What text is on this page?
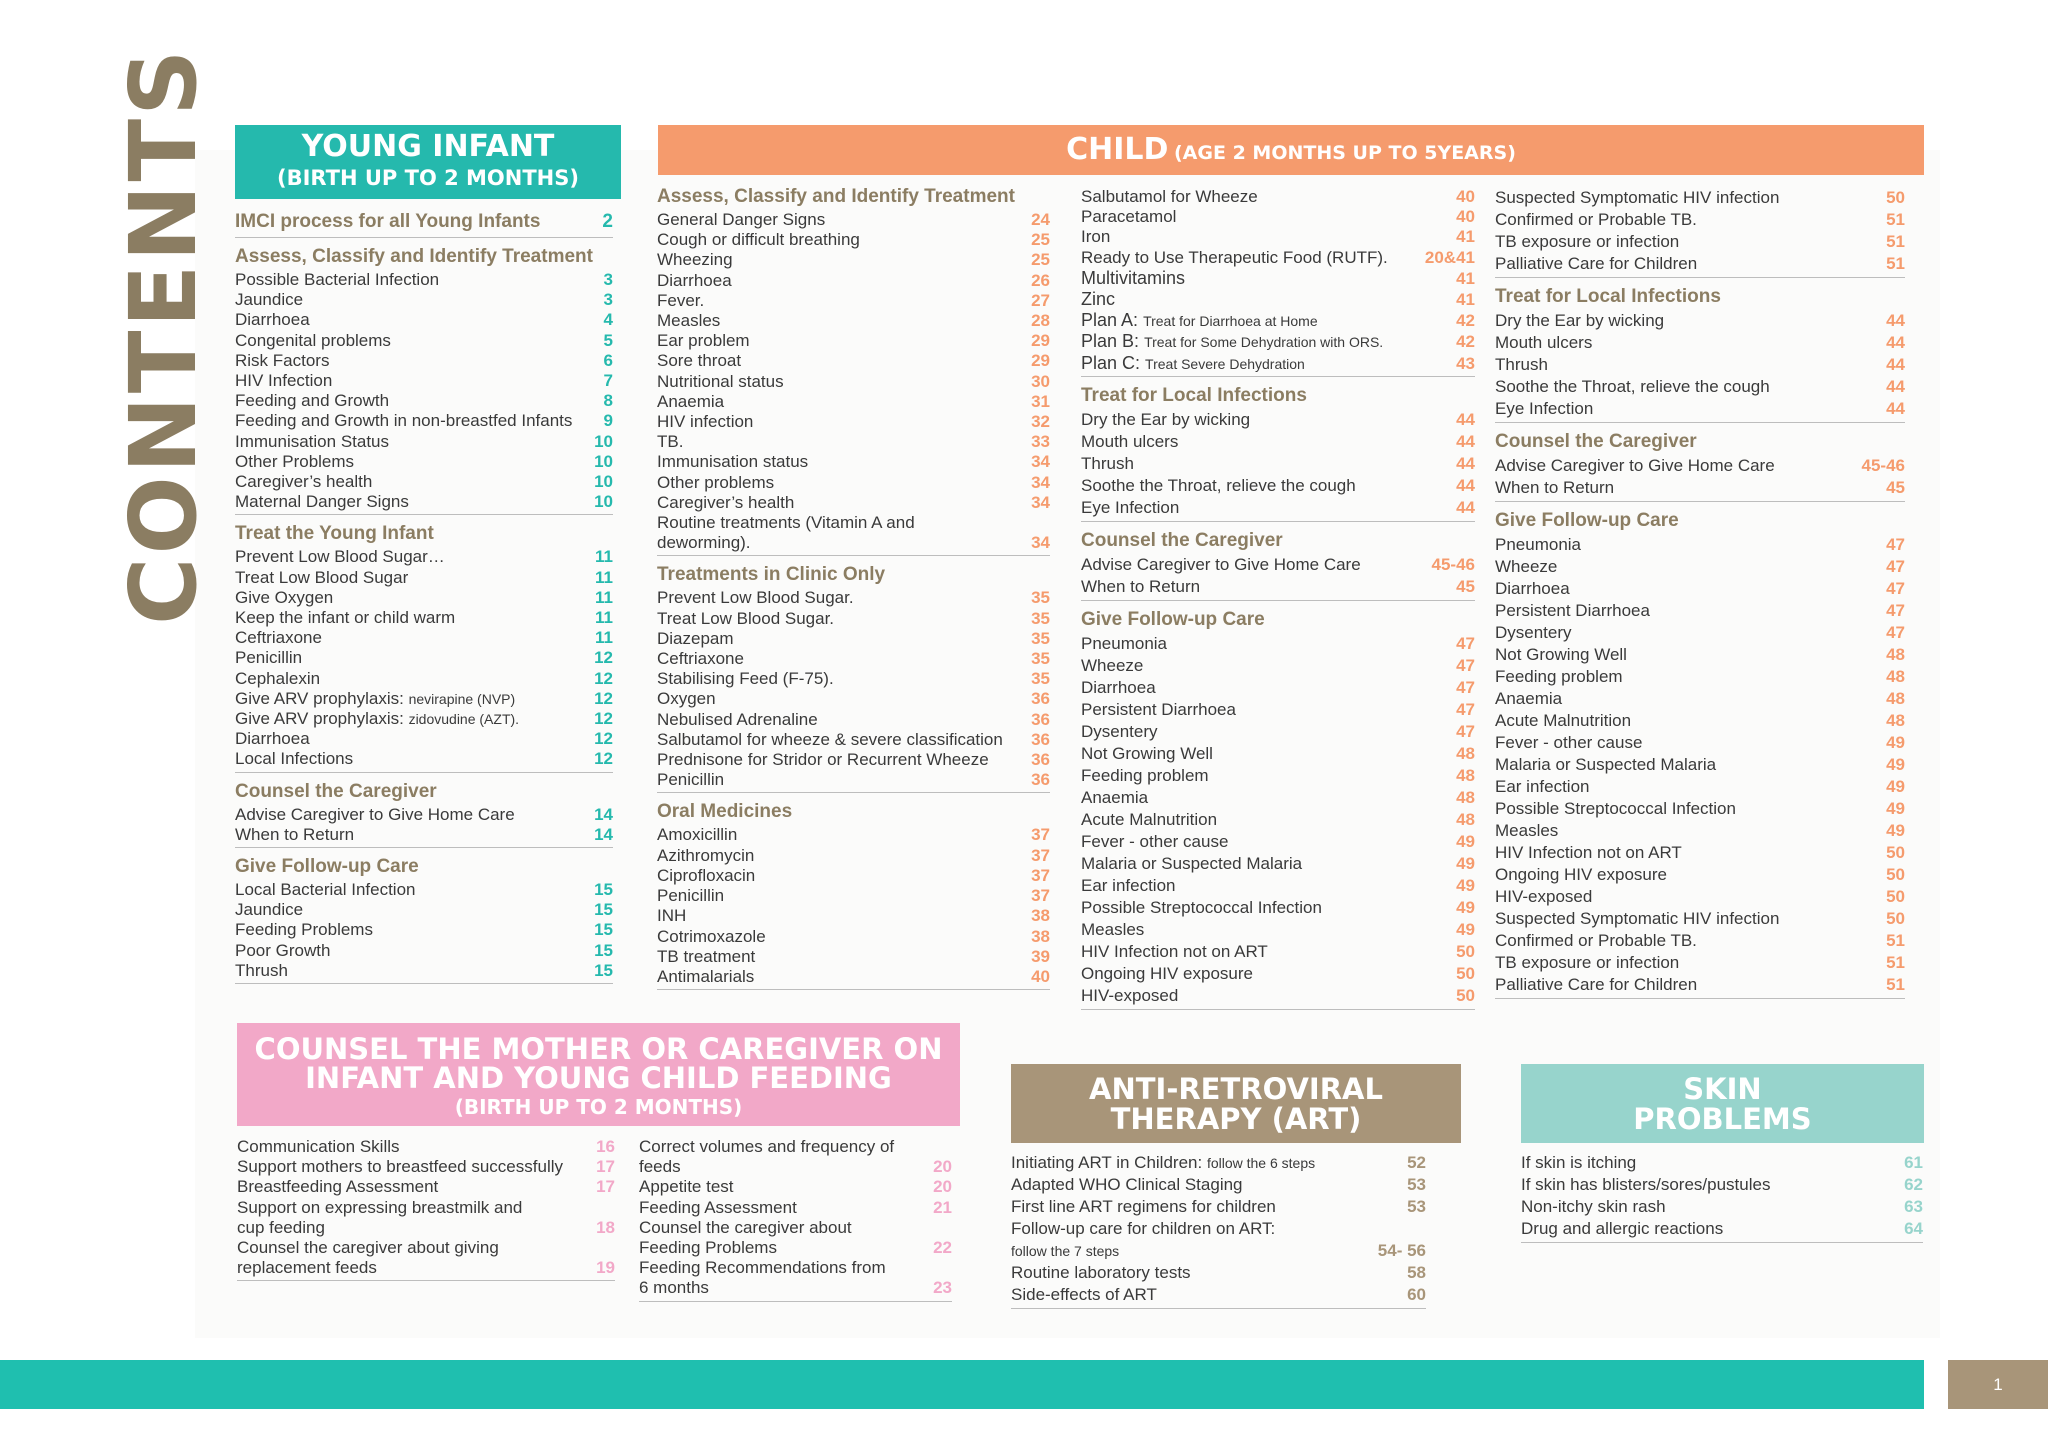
CONTENTS	YOUNG INFANT
(BIRTH UP TO 2 MONTHS)
CHILD (AGE 2 MONTHS UP TO 5YEARS)
COUNSEL THE MOTHER OR CAREGIVER ON
INFANT AND YOUNG CHILD FEEDING
(BIRTH UP TO 2 MONTHS)
ANTI-RETROVIRAL
THERAPY (ART)
SKIN
PROBLEMS
IMCI process for all Young Infants	2
Assess, Classify and Identify Treatment
Possible Bacterial Infection	3
Jaundice	3
Diarrhoea	4
Congenital problems	5
Risk Factors	6
HIV Infection	7
Feeding and Growth	8
Feeding and Growth in non-breastfed Infants 9
Immunisation Status	10
Other Problems	10
Caregiver’s health	10
Maternal Danger Signs	10
Treat the Young Infant
Prevent Low Blood Sugar…	11
Treat Low Blood Sugar	11
Give Oxygen	11
Keep the infant or child warm	11
Ceftriaxone	11
Penicillin	12
Cephalexin	12
Give ARV prophylaxis: nevirapine (NVP)	12
Give ARV prophylaxis: zidovudine (AZT).	12
Diarrhoea	12
Local Infections	12
Counsel the Caregiver
Advise Caregiver to Give Home Care	14
When to Return	14
Give Follow-up Care
Local Bacterial Infection	15
Jaundice	15
Feeding Problems	15
Poor Growth	15
Thrush	15
Assess, Classify and Identify Treatment
General Danger Signs	24
Cough or difficult breathing	25
Wheezing	25
Diarrhoea	26
Fever.	27
Measles	28
Ear problem	29
Sore throat	29
Nutritional status	30
Anaemia	31
HIV infection	32
TB.	33
Immunisation status	34
Other problems	34
Caregiver’s health	34
Routine treatments (Vitamin A and
deworming).	34
Treatments in Clinic Only
Prevent Low Blood Sugar.	35
Treat Low Blood Sugar.	35
Diazepam	35
Ceftriaxone	35
Stabilising Feed (F-75).	35
Oxygen	36
Nebulised Adrenaline	36
Salbutamol for wheeze & severe classification 36
Prednisone for Stridor or Recurrent Wheeze 36
Penicillin	36
Oral Medicines
Amoxicillin	37
Azithromycin	37
Ciprofloxacin	37
Penicillin	37
INH	38
Cotrimoxazole	38
TB treatment	39
Antimalarials	40
Salbutamol for Wheeze	40
Paracetamol	40
Iron	41
Ready to Use Therapeutic Food (RUTF). 20&41
Multivitamins	41
Zinc	41
Plan A: Treat for Diarrhoea at Home	42
Plan B: Treat for Some Dehydration with ORS.	42
Plan C: Treat Severe Dehydration	43
Treat for Local Infections
Dry the Ear by wicking	44
Mouth ulcers	44
Thrush	44
Soothe the Throat, relieve the cough	44
Eye Infection	44
Counsel the Caregiver
Advise Caregiver to Give Home Care	45-46
When to Return	45
Give Follow-up Care
Pneumonia	47
Wheeze	47
Diarrhoea	47
Persistent Diarrhoea	47
Dysentery	47
Not Growing Well	48
Feeding problem	48
Anaemia	48
Acute Malnutrition	48
Fever - other cause	49
Malaria or Suspected Malaria	49
Ear infection	49
Possible Streptococcal Infection	49
Measles	49
HIV Infection not on ART	50
Ongoing HIV exposure	50
HIV-exposed	50
Suspected Symptomatic HIV infection	50
Confirmed or Probable TB.	51
TB exposure or infection	51
Palliative Care for Children	51
Treat for Local Infections
Dry the Ear by wicking	44
Mouth ulcers	44
Thrush	44
Soothe the Throat, relieve the cough	44
Eye Infection	44
Counsel the Caregiver
Advise Caregiver to Give Home Care	45-46
When to Return	45
Give Follow-up Care
Pneumonia	47
Wheeze	47
Diarrhoea	47
Persistent Diarrhoea	47
Dysentery	47
Not Growing Well	48
Feeding problem	48
Anaemia	48
Acute Malnutrition	48
Fever - other cause	49
Malaria or Suspected Malaria	49
Ear infection	49
Possible Streptococcal Infection	49
Measles	49
HIV Infection not on ART	50
Ongoing HIV exposure	50
HIV-exposed	50
Suspected Symptomatic HIV infection	50
Confirmed or Probable TB.	51
TB exposure or infection	51
Palliative Care for Children	51
Communication Skills	16
Support mothers to breastfeed successfully 17
Breastfeeding Assessment	17
Support on expressing breastmilk and
cup feeding	18
Counsel the caregiver about giving
replacement feeds	19
Correct volumes and frequency of
feeds	20
Appetite test	20
Feeding Assessment	21
Counsel the caregiver about
Feeding Problems	22
Feeding Recommendations from
6 months	23
Initiating ART in Children: follow the 6 steps	52
Adapted WHO Clinical Staging	53
First line ART regimens for children	53
Follow-up care for children on ART:
follow the 7 steps	54- 56
Routine laboratory tests	58
Side-effects of ART	60
If skin is itching	61
If skin has blisters/sores/pustules	62
Non-itchy skin rash	63
Drug and allergic reactions	64
1
